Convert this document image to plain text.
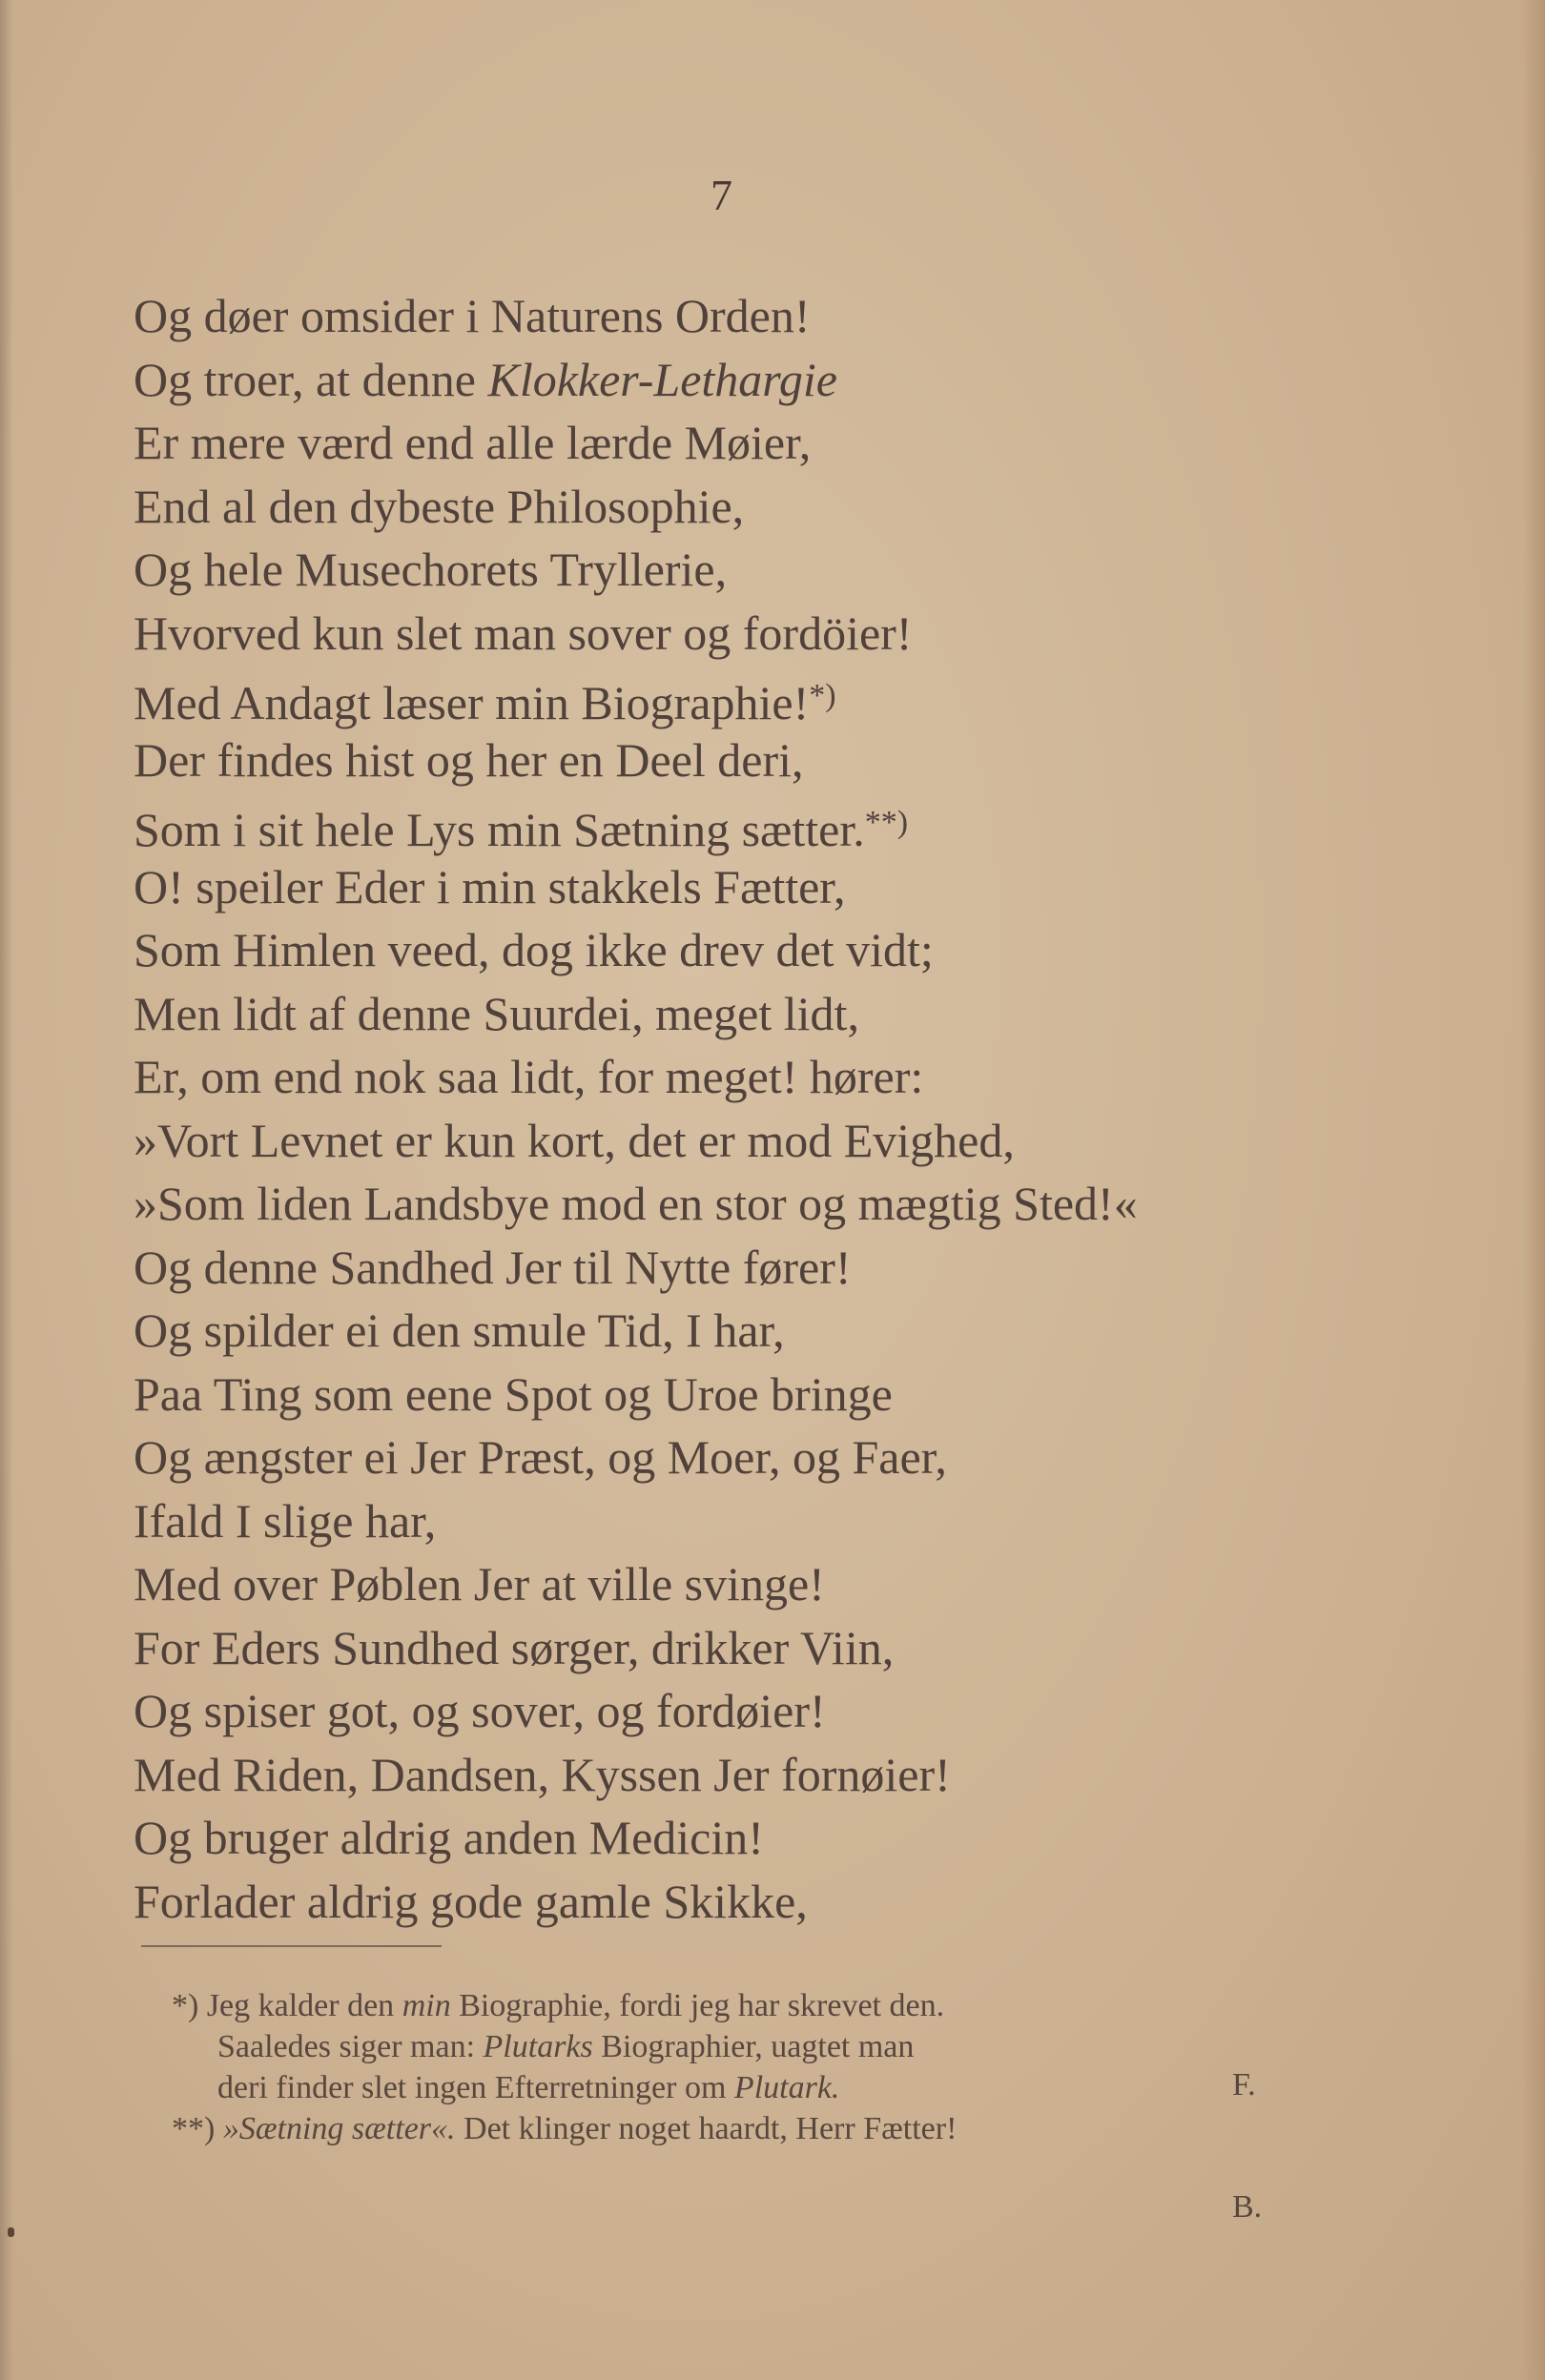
7
Og døer omsider i Naturens Orden!
Og troer, at denne Klokker-Lethargie
Er mere værd end alle lærde Møier,
End al den dybeste Philosophie,
Og hele Musechorets Tryllerie,
Hvorved kun slet man sover og fordöier!
Med Andagt læser min Biographie!*)
Der findes hist og her en Deel deri,
Som i sit hele Lys min Sætning sætter.**)
O! speiler Eder i min stakkels Fætter,
Som Himlen veed, dog ikke drev det vidt;
Men lidt af denne Suurdei, meget lidt,
Er, om end nok saa lidt, for meget! hører:
»Vort Levnet er kun kort, det er mod Evighed,
»Som liden Landsbye mod en stor og mægtig Sted!«
Og denne Sandhed Jer til Nytte fører!
Og spilder ei den smule Tid, I har,
Paa Ting som eene Spot og Uroe bringe
Og ængster ei Jer Præst, og Moer, og Faer,
Ifald I slige har,
Med over Pøblen Jer at ville svinge!
For Eders Sundhed sørger, drikker Viin,
Og spiser got, og sover, og fordøier!
Med Riden, Dandsen, Kyssen Jer fornøier!
Og bruger aldrig anden Medicin!
Forlader aldrig gode gamle Skikke,
*) Jeg kalder den min Biographie, fordi jeg har skrevet den.
Saaledes siger man: Plutarks Biographier, uagtet man
deri finder slet ingen Efterretninger om Plutark.
**) »Sætning sætter«. Det klinger noget haardt, Herr Fætter!
F.
B.
